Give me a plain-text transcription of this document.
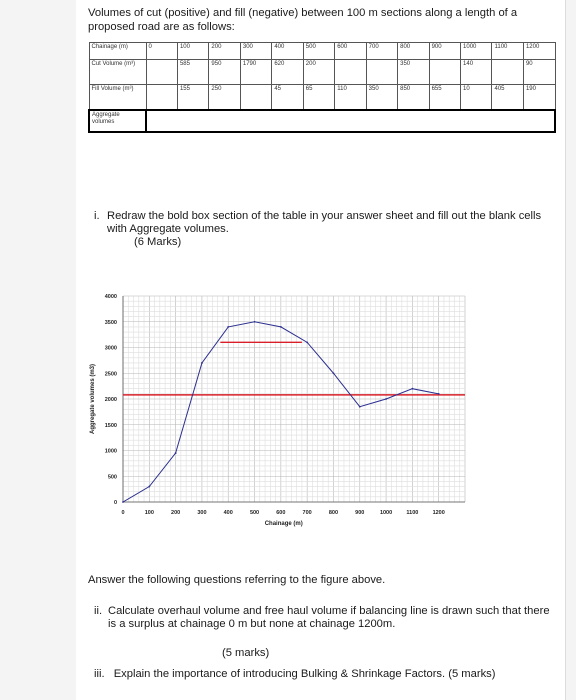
Volumes of cut (positive) and fill (negative) between 100 m sections along a length of a proposed road are as follows:
Chainage (m)	0	100	200	300	400	500	600	700	800	900	1000	1100	1200
Cut Volume (m³)		585	950	1790	620	200			350		140		90
Fill Volume (m³)		155	250		45	65	110	350	850	655	10	405	190
Aggregate volumes													
i. Redraw the bold box section of the table in your answer sheet and fill out the blank cells with Aggregate volumes.
(6 Marks)
0	100	200	300	400	500	600	700	800	900	1000	1100	1200
0
500
1000
1500
2000
2500
3000
3500
4000
Chainage (m)
Aggregate volumes (m3)
Answer the following questions referring to the figure above.
ii. Calculate overhaul volume and free haul volume if balancing line is drawn such that there is a surplus at chainage 0 m but none at chainage 1200m.
(5 marks)
iii. Explain the importance of introducing Bulking & Shrinkage Factors. (5 marks)
